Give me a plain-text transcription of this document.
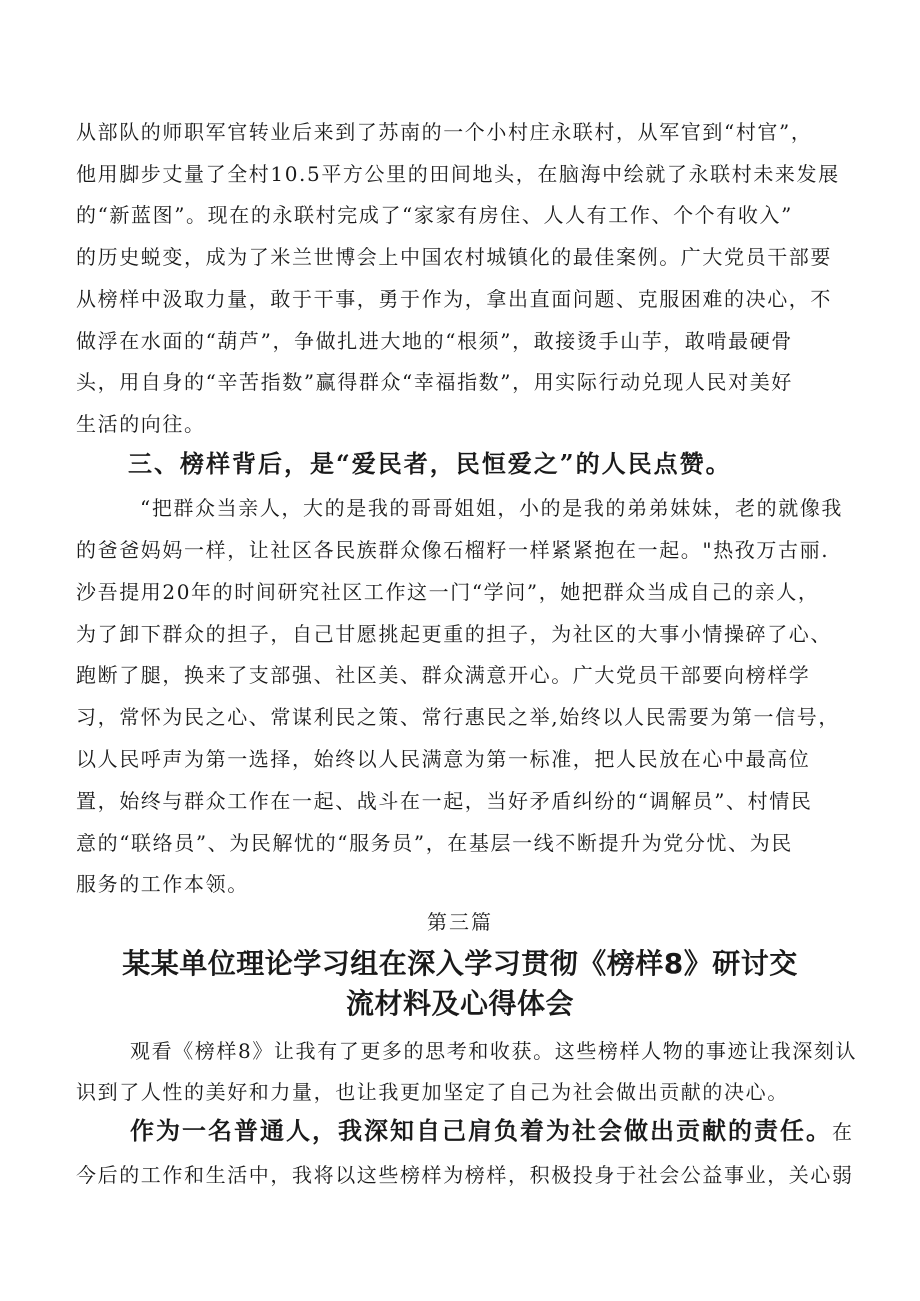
从部队的师职军官转业后来到了苏南的一个小村庄永联村，从军官到“村官”，
他用脚步丈量了全村10.5平方公里的田间地头，在脑海中绘就了永联村未来发展
的“新蓝图”。现在的永联村完成了“家家有房住、人人有工作、个个有收入”
的历史蜕变，成为了米兰世博会上中国农村城镇化的最佳案例。广大党员干部要
从榜样中汲取力量，敢于干事，勇于作为，拿出直面问题、克服困难的决心，不
做浮在水面的“葫芦”，争做扎进大地的“根须”，敢接烫手山芋，敢啃最硬骨
头，用自身的“辛苦指数”赢得群众“幸福指数”，用实际行动兑现人民对美好
生活的向往。
三、榜样背后，是“爱民者，民恒爱之”的人民点赞。
“把群众当亲人，大的是我的哥哥姐姐，小的是我的弟弟妹妹，老的就像我
的爸爸妈妈一样，让社区各民族群众像石榴籽一样紧紧抱在一起。"热孜万古丽.
沙吾提用20年的时间研究社区工作这一门“学问”，她把群众当成自己的亲人，
为了卸下群众的担子，自己甘愿挑起更重的担子，为社区的大事小情操碎了心、
跑断了腿，换来了支部强、社区美、群众满意开心。广大党员干部要向榜样学
习，常怀为民之心、常谋利民之策、常行惠民之举,始终以人民需要为第一信号，
以人民呼声为第一选择，始终以人民满意为第一标准，把人民放在心中最高位
置，始终与群众工作在一起、战斗在一起，当好矛盾纠纷的“调解员”、村情民
意的“联络员”、为民解忧的“服务员”，在基层一线不断提升为党分忧、为民
服务的工作本领。
第三篇
某某单位理论学习组在深入学习贯彻《榜样8》研讨交
流材料及心得体会
观看《榜样8》让我有了更多的思考和收获。这些榜样人物的事迹让我深刻认
识到了人性的美好和力量，也让我更加坚定了自己为社会做出贡献的决心。
作为一名普通人，我深知自己肩负着为社会做出贡献的责任。在
今后的工作和生活中，我将以这些榜样为榜样，积极投身于社会公益事业，关心弱
